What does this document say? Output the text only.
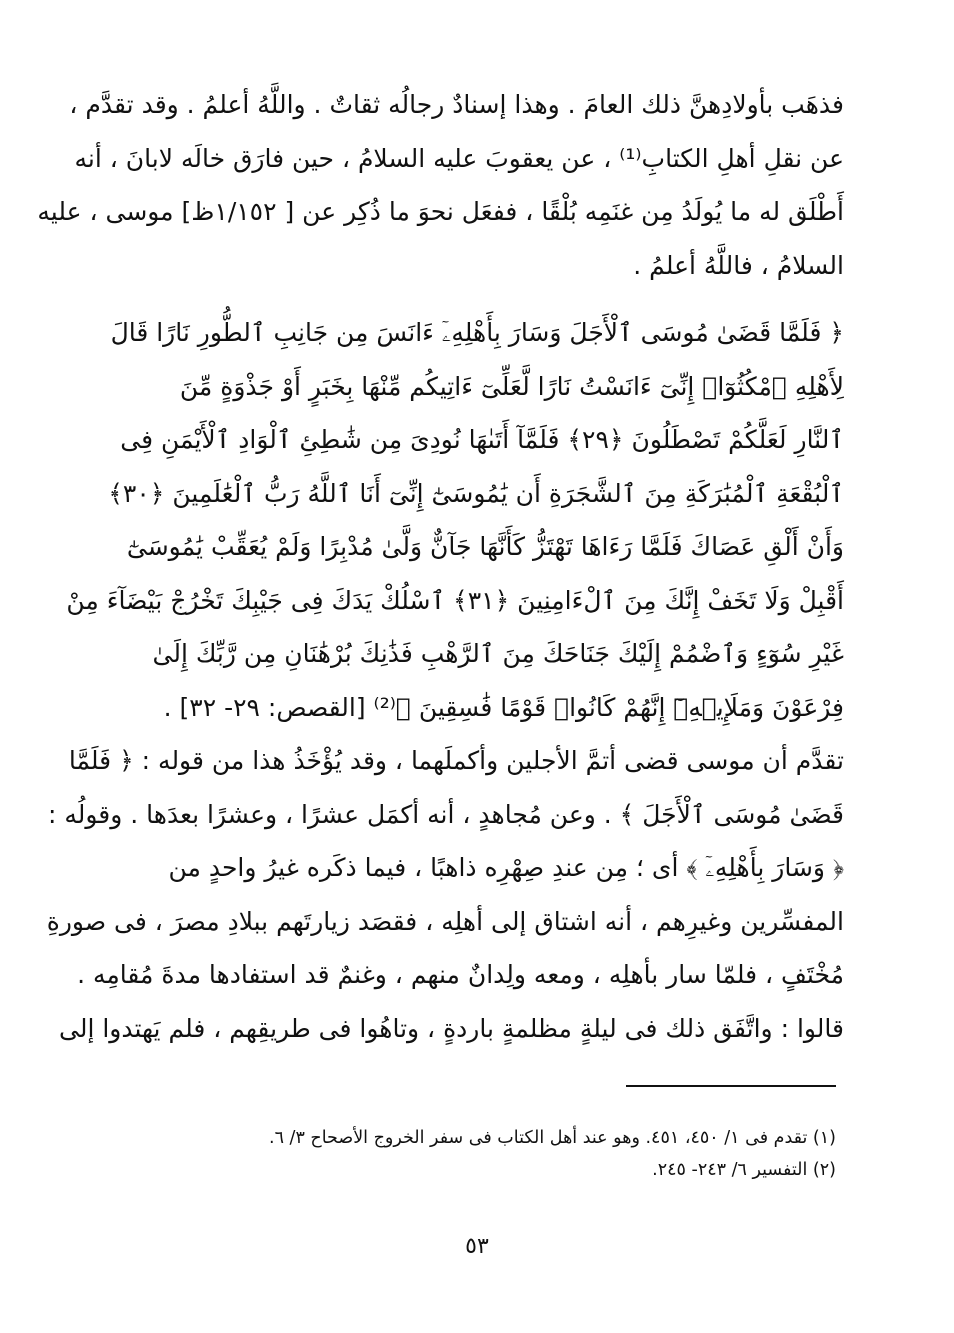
فذهَب بأولادِهنَّ ذلك العامَ . وهذا إسنادٌ رجالُه ثقاتٌ . واللَّهُ أعلمُ . وقد تقدَّم ،
عن نقلِ أهلِ الكتابِ⁽¹⁾ ، عن يعقوبَ عليه السلامُ ، حين فارَق خالَه لابانَ ، أنه
أَطْلَق له ما يُولَدُ مِن غنَمِه بُلْقًا ، ففعَل نحوَ ما ذُكِر عن [ ١/١٥٢ظ] موسى ، عليه
السلامُ ، فاللَّهُ أعلمُ .

﴿ فَلَمَّا قَضَىٰ مُوسَى ٱلْأَجَلَ وَسَارَ بِأَهْلِهِۦٓ ءَانَسَ مِن جَانِبِ ٱلطُّورِ نَارًا قَالَ
لِأَهْلِهِ ٱمْكُثُوٓا۟ إِنِّىٓ ءَانَسْتُ نَارًا لَّعَلِّىٓ ءَاتِيكُم مِّنْهَا بِخَبَرٍ أَوْ جَذْوَةٍ مِّنَ
ٱلنَّارِ لَعَلَّكُمْ تَصْطَلُونَ ﴿٢٩﴾ فَلَمَّآ أَتَىٰهَا نُودِىَ مِن شَٰطِئِ ٱلْوَادِ ٱلْأَيْمَنِ فِى
ٱلْبُقْعَةِ ٱلْمُبَٰرَكَةِ مِنَ ٱلشَّجَرَةِ أَن يَٰمُوسَىٰٓ إِنِّىٓ أَنَا ٱللَّهُ رَبُّ ٱلْعَٰلَمِينَ ﴿٣٠﴾
وَأَنْ أَلْقِ عَصَاكَ فَلَمَّا رَءَاهَا تَهْتَزُّ كَأَنَّهَا جَآنٌّ وَلَّىٰ مُدْبِرًا وَلَمْ يُعَقِّبْ يَٰمُوسَىٰٓ
أَقْبِلْ وَلَا تَخَفْ إِنَّكَ مِنَ ٱلْءَامِنِينَ ﴿٣١﴾ ٱسْلُكْ يَدَكَ فِى جَيْبِكَ تَخْرُجْ بَيْضَآءَ مِنْ
غَيْرِ سُوٓءٍ وَٱضْمُمْ إِلَيْكَ جَنَاحَكَ مِنَ ٱلرَّهْبِ فَذَٰنِكَ بُرْهَٰنَانِ مِن رَّبِّكَ إِلَىٰ
فِرْعَوْنَ وَمَلَإِي۟هِۦٓ إِنَّهُمْ كَانُوا۟ قَوْمًا فَٰسِقِينَ ﴾⁽²⁾ [القصص: ٢٩- ٣٢] .

تقدَّم أن موسى قضى أتمَّ الأجلين وأكملَهما ، وقد يُؤْخَذُ هذا من قوله : ﴿ فَلَمَّا
قَضَىٰ مُوسَى ٱلْأَجَلَ ﴾ . وعن مُجاهدٍ ، أنه أكمَل عشرًا ، وعشرًا بعدَها . وقولُه :
﴿ وَسَارَ بِأَهْلِهِۦٓ ﴾ أى ؛ مِن عندِ صِهْرِه ذاهبًا ، فيما ذكَره غيرُ واحدٍ من
المفسِّرين وغيرِهم ، أنه اشتاق إلى أهلِه ، فقصَد زيارتَهم ببلادِ مصرَ ، فى صورةِ
مُخْتَفٍ ، فلمّا سار بأهلِه ، ومعه ولِدانٌ منهم ، وغنمٌ قد استفادها مدةَ مُقامِه .
قالوا : واتَّفَق ذلك فى ليلةٍ مظلمةٍ باردةٍ ، وتاهُوا فى طريقِهم ، فلم يَهتدوا إلى

(١) تقدم فى ١/ ٤٥٠، ٤٥١. وهو عند أهل الكتاب فى سفر الخروج الأصحاح ٣/ ٦.
(٢) التفسير ٦/ ٢٤٣- ٢٤٥.
٥٣
